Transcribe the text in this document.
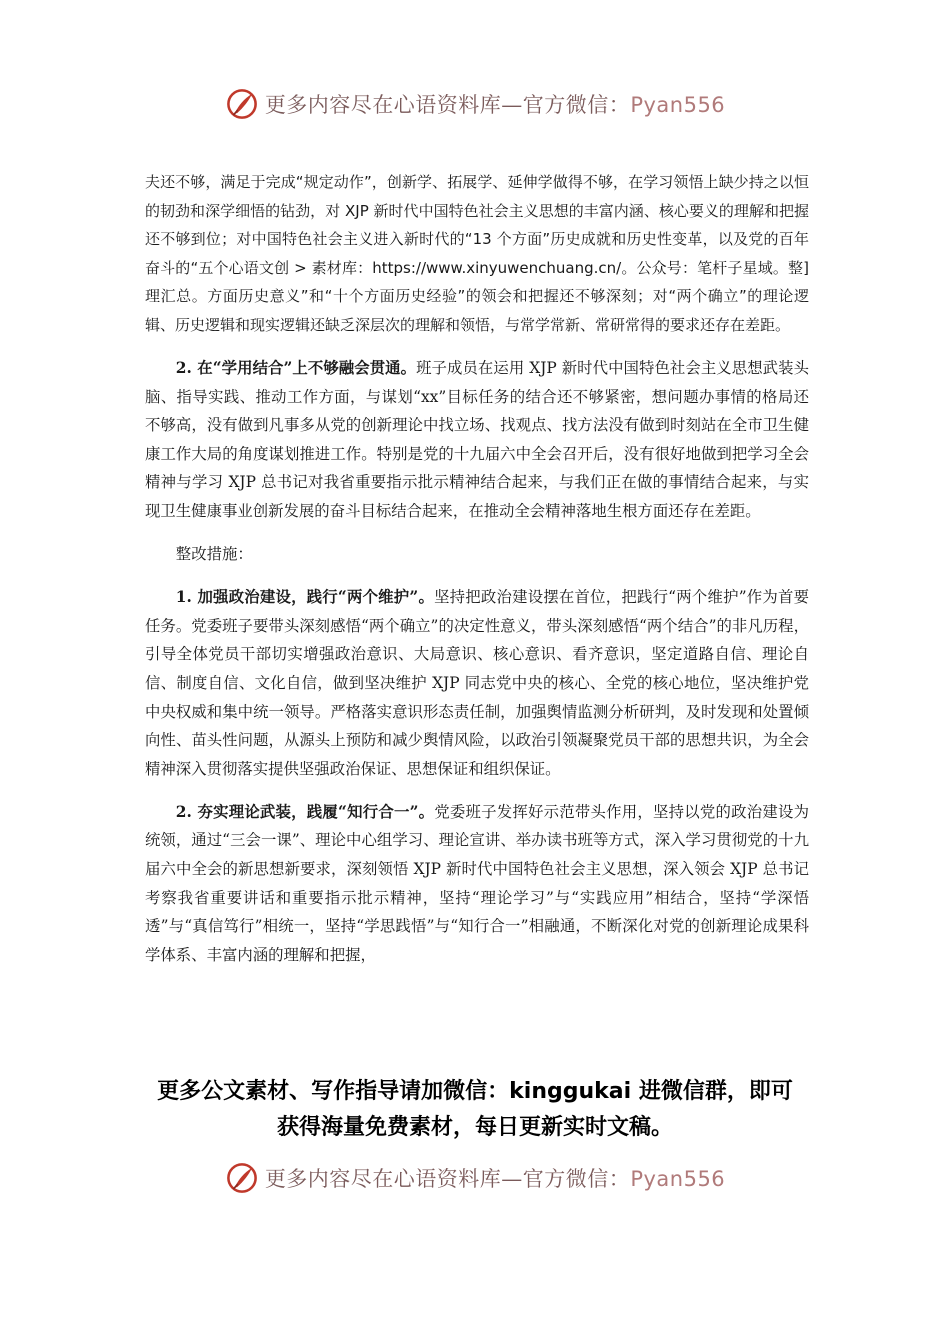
更多内容尽在心语资料库—官方微信：Pyan556

夫还不够，满足于完成“规定动作”，创新学、拓展学、延伸学做得不够，在学习领悟上缺少持之以恒的韧劲和深学细悟的钻劲，对 XJP 新时代中国特色社会主义思想的丰富内涵、核心要义的理解和把握还不够到位；对中国特色社会主义进入新时代的“13 个方面”历史成就和历史性变革，以及党的百年奋斗的“五个心语文创 > 素材库：https://www.xinyuwenchuang.cn/。公众号：笔杆子星域。整]理汇总。方面历史意义”和“十个方面历史经验”的领会和把握还不够深刻；对“两个确立”的理论逻辑、历史逻辑和现实逻辑还缺乏深层次的理解和领悟，与常学常新、常研常得的要求还存在差距。

2. 在“学用结合”上不够融会贯通。班子成员在运用 XJP 新时代中国特色社会主义思想武装头脑、指导实践、推动工作方面，与谋划“xx”目标任务的结合还不够紧密，想问题办事情的格局还不够高，没有做到凡事多从党的创新理论中找立场、找观点、找方法没有做到时刻站在全市卫生健康工作大局的角度谋划推进工作。特别是党的十九届六中全会召开后，没有很好地做到把学习全会精神与学习 XJP 总书记对我省重要指示批示精神结合起来，与我们正在做的事情结合起来，与实现卫生健康事业创新发展的奋斗目标结合起来，在推动全会精神落地生根方面还存在差距。

整改措施：

1. 加强政治建设，践行“两个维护”。坚持把政治建设摆在首位，把践行“两个维护”作为首要任务。党委班子要带头深刻感悟“两个确立”的决定性意义，带头深刻感悟“两个结合”的非凡历程，引导全体党员干部切实增强政治意识、大局意识、核心意识、看齐意识，坚定道路自信、理论自信、制度自信、文化自信，做到坚决维护 XJP 同志党中央的核心、全党的核心地位，坚决维护党中央权威和集中统一领导。严格落实意识形态责任制，加强舆情监测分析研判，及时发现和处置倾向性、苗头性问题，从源头上预防和减少舆情风险，以政治引领凝聚党员干部的思想共识，为全会精神深入贯彻落实提供坚强政治保证、思想保证和组织保证。

2. 夯实理论武装，践履“知行合一”。党委班子发挥好示范带头作用，坚持以党的政治建设为统领，通过“三会一课”、理论中心组学习、理论宣讲、举办读书班等方式，深入学习贯彻党的十九届六中全会的新思想新要求，深刻领悟 XJP 新时代中国特色社会主义思想，深入领会 XJP 总书记考察我省重要讲话和重要指示批示精神，坚持“理论学习”与“实践应用”相结合，坚持“学深悟透”与“真信笃行”相统一，坚持“学思践悟”与“知行合一”相融通，不断深化对党的创新理论成果科学体系、丰富内涵的理解和把握，

更多公文素材、写作指导请加微信：kinggukai 进微信群，即可
获得海量免费素材，每日更新实时文稿。
更多内容尽在心语资料库—官方微信：Pyan556
